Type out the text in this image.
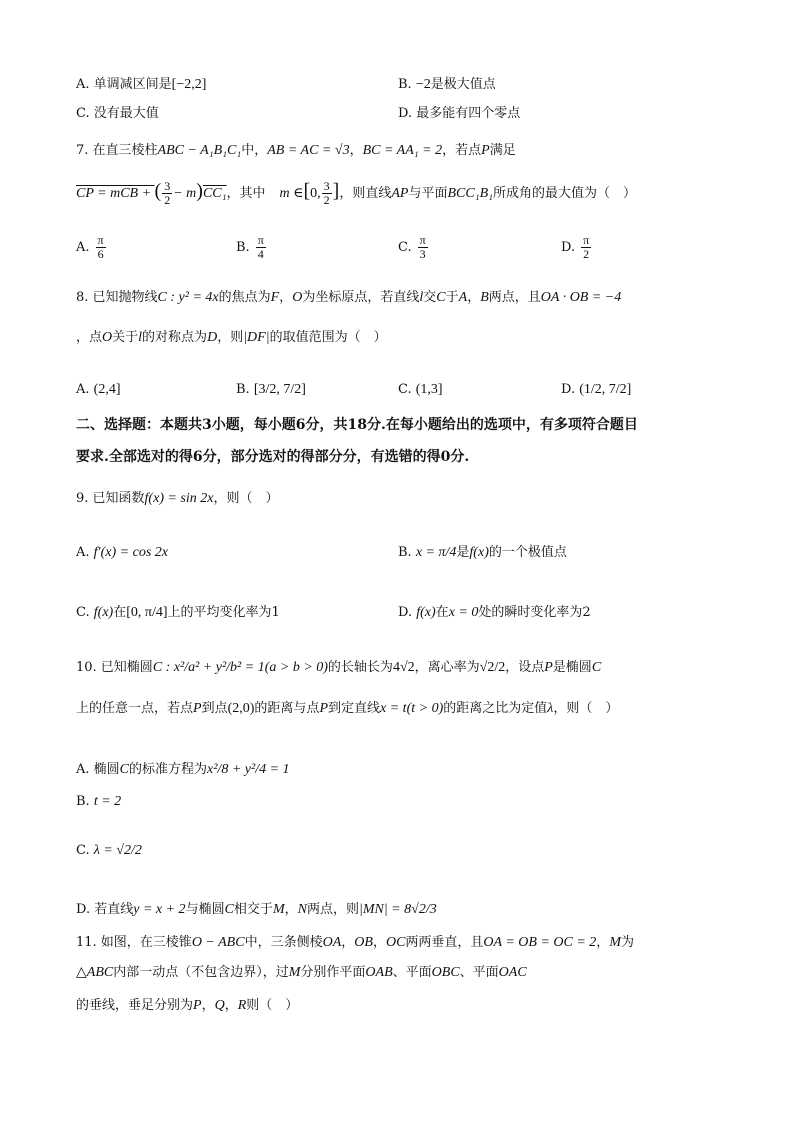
A. 单调减区间是[−2,2]	B. −2是极大值点
C. 没有最大值	D. 最多能有四个零点
7. 在直三棱柱ABC − A₁B₁C₁中，AB = AC = √3，BC = AA₁ = 2，若点P满足
CP = mCB + ( $\frac{3}{2} - m)CC_1$，其中 m ∈[0, $\frac{3}{2}$ ]，则直线AP与平面BCC₁B₁所成角的最大值为（　）
A. $\frac{\pi}{6}$	B. $\frac{\pi}{4}$	C. $\frac{\pi}{3}$	D. $\frac{\pi}{2}$
8. 已知抛物线C : y² = 4x的焦点为F，O为坐标原点，若直线l交C于A，B两点，且OA · OB = −4
，点O关于l的对称点为D，则|DF|的取值范围为（　）
A. (2,4]	B. [3/2, 7/2]	C. (1,3]	D. (1/2, 7/2]
二、选择题：本题共3小题，每小题6分，共18分.在每小题给出的选项中，有多项符合题目
要求.全部选对的得6分，部分选对的得部分分，有选错的得0分.
9. 已知函数f(x) = sin 2x，则（　）
A. f′(x) = cos 2x	B. x = π/4是f(x)的一个极值点
C. f(x)在[0, π/4]上的平均变化率为1	D. f(x)在x = 0处的瞬时变化率为2
10. 已知椭圆C : x²/a² + y²/b² = 1(a > b > 0)的长轴长为4√2，离心率为√2/2，设点P是椭圆C
上的任意一点，若点P到点(2,0)的距离与点P到定直线x = t(t > 0)的距离之比为定值λ，则（　）
A. 椭圆C的标准方程为x²/8 + y²/4 = 1
B. t = 2
C. λ = √2/2
D. 若直线y = x + 2与椭圆C相交于M，N两点，则|MN| = 8√2/3
11. 如图，在三棱锥O − ABC中，三条侧棱OA，OB，OC两两垂直，且OA = OB = OC = 2，M为
△ABC内部一动点（不包含边界），过M分别作平面OAB、平面OBC、平面OAC
的垂线，垂足分别为P，Q，R则（　）
